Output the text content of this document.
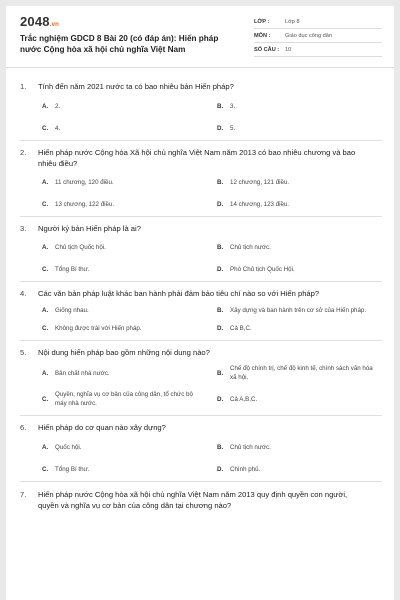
2048.vn
Trắc nghiệm GDCD 8 Bài 20 (có đáp án): Hiến pháp nước Cộng hòa xã hội chủ nghĩa Việt Nam
LỚP :	Lớp 8
MÔN :	Giáo dục công dân
SỐ CÂU :	10
1.	Tính đến năm 2021 nước ta có bao nhiêu bản Hiến pháp?
A.	2.	B.	3.
C.	4.	D.	5.
2.	Hiến pháp nước Cộng hòa Xã hội chủ nghĩa Việt Nam năm 2013 có bao nhiêu chương và bao nhiêu điều?
A.	11 chương, 120 điều.	B.	12 chương, 121 điều.
C.	13 chương, 122 điều.	D.	14 chương, 123 điều.
3.	Người ký bản Hiến pháp là ai?
A.	Chủ tịch Quốc hội.	B.	Chủ tịch nước.
C.	Tổng Bí thư.	D.	Phó Chủ tịch Quốc Hội.
4.	Các văn bản pháp luật khác ban hành phải đảm bảo tiêu chí nào so với Hiến pháp?
A.	Giống nhau.	B.	Xây dựng và ban hành trên cơ sở của Hiến pháp.
C.	Không được trái với Hiến pháp.	D.	Cả B,C.
5.	Nội dung hiến pháp bao gồm những nội dung nào?
A.	Bản chất nhà nước.	B.
Chế độ chính trị, chế độ kinh tế, chính sách văn hóa xã hội.
C.
Quyền, nghĩa vụ cơ bản của công dân, tổ chức bộ máy nhà nước.
D.	Cả A,B,C.
6.	Hiến pháp do cơ quan nào xây dựng?
A.	Quốc hội.	B.	Chủ tịch nước.
C.	Tổng Bí thư.	D.	Chính phủ.
7.	Hiến pháp nước Cộng hòa xã hội chủ nghĩa Việt Nam năm 2013 quy định quyền con người, quyền và nghĩa vụ cơ bản của công dân tại chương nào?
